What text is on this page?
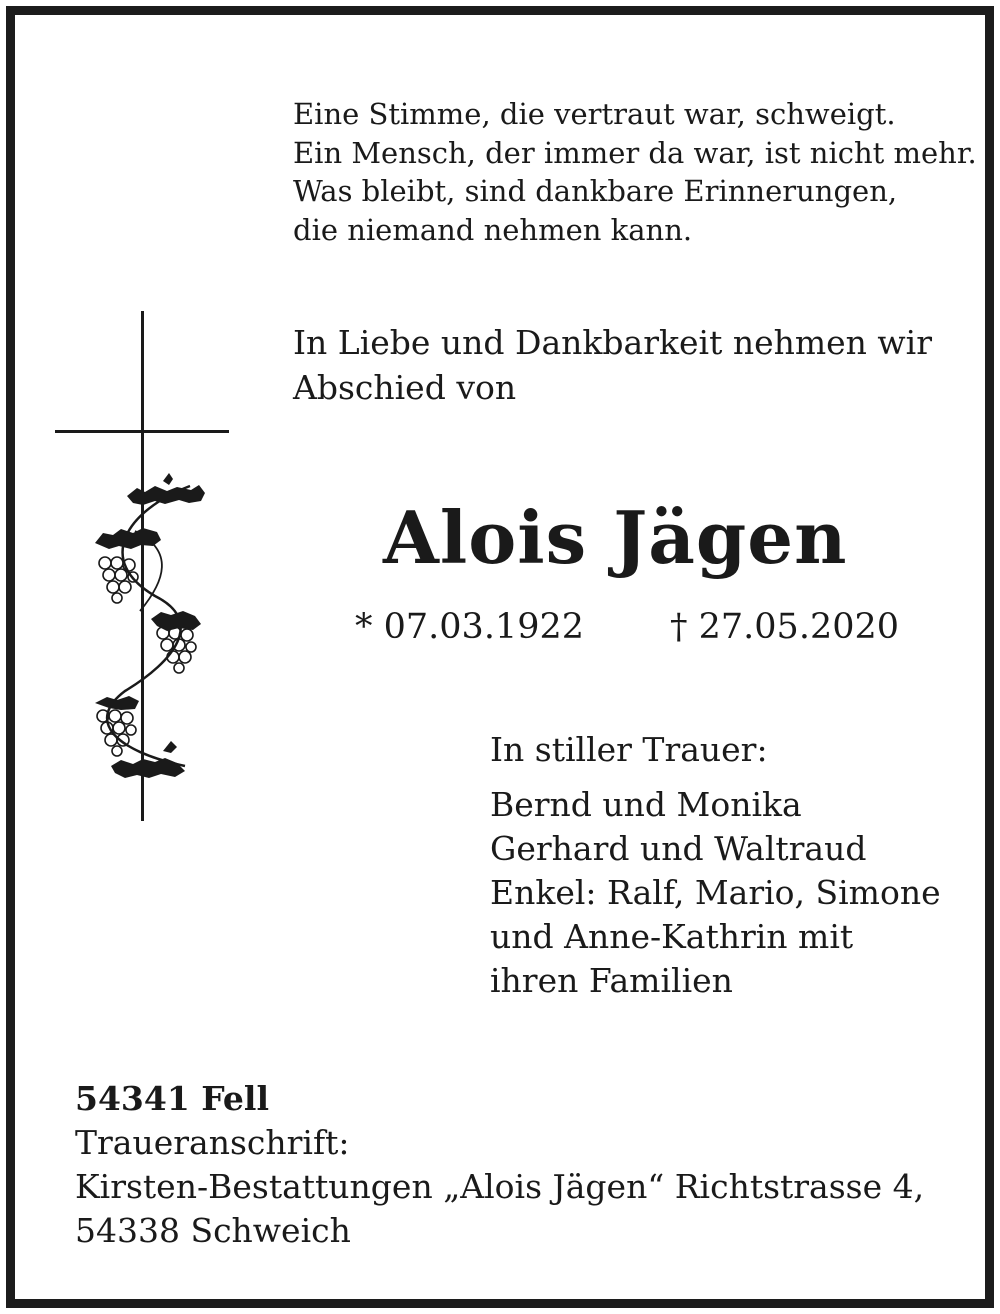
Eine Stimme, die vertraut war, schweigt.
Ein Mensch, der immer da war, ist nicht mehr.
Was bleibt, sind dankbare Erinnerungen,
die niemand nehmen kann.
In Liebe und Dankbarkeit nehmen wir
Abschied von
Alois Jägen
* 07.03.1922 † 27.05.2020
In stiller Trauer:
Bernd und Monika
Gerhard und Waltraud
Enkel: Ralf, Mario, Simone
und Anne-Kathrin mit
ihren Familien
54341 Fell
Traueranschrift:
Kirsten-Bestattungen „Alois Jägen“ Richtstrasse 4,
54338 Schweich
